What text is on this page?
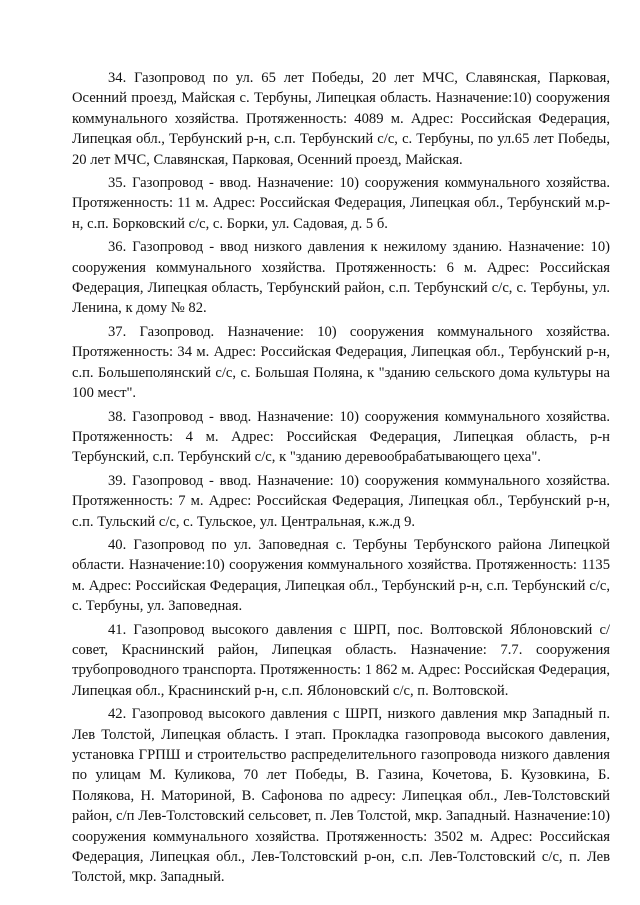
34. Газопровод по ул. 65 лет Победы, 20 лет МЧС, Славянская, Парковая, Осенний проезд, Майская с. Тербуны, Липецкая область. Назначение:10) сооружения коммунального хозяйства. Протяженность: 4089 м. Адрес: Российская Федерация, Липецкая обл., Тербунский р-н, с.п. Тербунский с/с, с. Тербуны, по ул.65 лет Победы, 20 лет МЧС, Славянская, Парковая, Осенний проезд, Майская.

35. Газопровод - ввод. Назначение: 10) сооружения коммунального хозяйства. Протяженность: 11 м. Адрес: Российская Федерация, Липецкая обл., Тербунский м.р-н, с.п. Борковский с/с, с. Борки, ул. Садовая, д. 5 б.

36. Газопровод - ввод низкого давления к нежилому зданию. Назначение: 10) сооружения коммунального хозяйства. Протяженность: 6 м. Адрес: Российская Федерация, Липецкая область, Тербунский район, с.п. Тербунский с/с, с. Тербуны, ул. Ленина, к дому № 82.

37. Газопровод. Назначение: 10) сооружения коммунального хозяйства. Протяженность: 34 м. Адрес: Российская Федерация, Липецкая обл., Тербунский р-н, с.п. Большеполянский с/с, с. Большая Поляна, к "зданию сельского дома культуры на 100 мест".

38. Газопровод - ввод. Назначение: 10) сооружения коммунального хозяйства. Протяженность: 4 м. Адрес: Российская Федерация, Липецкая область, р-н Тербунский, с.п. Тербунский с/с, к "зданию деревообрабатывающего цеха".

39. Газопровод - ввод. Назначение: 10) сооружения коммунального хозяйства. Протяженность: 7 м. Адрес: Российская Федерация, Липецкая обл., Тербунский р-н, с.п. Тульский с/с, с. Тульское, ул. Центральная, к.ж.д 9.

40. Газопровод по ул. Заповедная с. Тербуны Тербунского района Липецкой области. Назначение:10) сооружения коммунального хозяйства. Протяженность: 1135 м. Адрес: Российская Федерация, Липецкая обл., Тербунский р-н, с.п. Тербунский с/с, с. Тербуны, ул. Заповедная.

41. Газопровод высокого давления с ШРП, пос. Волтовской Яблоновский с/совет, Краснинский район, Липецкая область. Назначение: 7.7. сооружения трубопроводного транспорта. Протяженность: 1 862 м. Адрес: Российская Федерация, Липецкая обл., Краснинский р-н, с.п. Яблоновский с/с, п. Волтовской.

42. Газопровод высокого давления с ШРП, низкого давления мкр Западный п. Лев Толстой, Липецкая область. I этап. Прокладка газопровода высокого давления, установка ГРПШ и строительство распределительного газопровода низкого давления по улицам М. Куликова, 70 лет Победы, В. Газина, Кочетова, Б. Кузовкина, Б. Полякова, Н. Маториной, В. Сафонова по адресу: Липецкая обл., Лев-Толстовский район, с/п Лев-Толстовский сельсовет, п. Лев Толстой, мкр. Западный. Назначение:10) сооружения коммунального хозяйства. Протяженность: 3502 м. Адрес: Российская Федерация, Липецкая обл., Лев-Толстовский р-он, с.п. Лев-Толстовский с/с, п. Лев Толстой, мкр. Западный.
